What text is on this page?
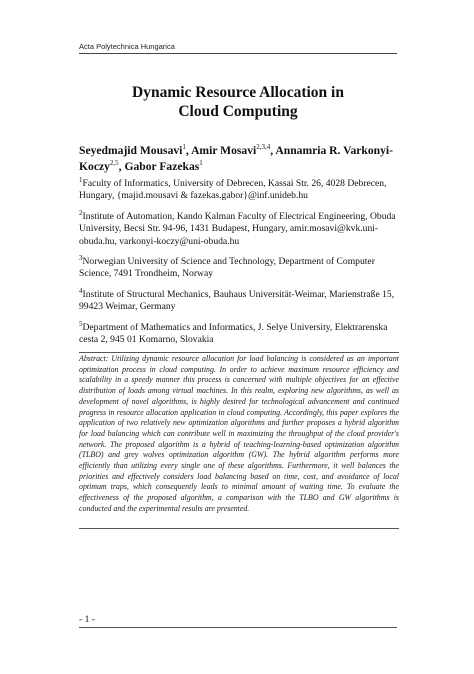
Acta Polytechnica Hungarica
Dynamic Resource Allocation in
Cloud Computing
Seyedmajid Mousavi$^1$, Amir Mosavi$^{2,3,4}$, Annamria R. Varkonyi-Koczy$^{2,5}$, Gabor Fazekas$^1$
$^1$Faculty of Informatics, University of Debrecen, Kassai Str. 26, 4028 Debrecen, Hungary, {majid.mousavi & fazekas.gabor}@inf.unideb.hu
$^2$Institute of Automation, Kando Kalman Faculty of Electrical Engineering, Obuda University, Becsi Str. 94-96, 1431 Budapest, Hungary, amir.mosavi@kvk.uni-obuda.hu, varkonyi-koczy@uni-obuda.hu
$^3$Norwegian University of Science and Technology, Department of Computer Science, 7491 Trondheim, Norway
$^4$Institute of Structural Mechanics, Bauhaus Universität-Weimar, Marienstraße 15, 99423 Weimar, Germany
$^5$Department of Mathematics and Informatics, J. Selye University, Elektrarenska cesta 2, 945 01 Komarno, Slovakia
Abstract: Utilizing dynamic resource allocation for load balancing is considered as an important optimization process in cloud computing. In order to achieve maximum resource efficiency and scalability in a speedy manner this process is concerned with multiple objectives for an effective distribution of loads among virtual machines. In this realm, exploring new algorithms, as well as development of novel algorithms, is highly desired for technological advancement and continued progress in resource allocation application in cloud computing. Accordingly, this paper explores the application of two relatively new optimization algorithms and further proposes a hybrid algorithm for load balancing which can contribute well in maximizing the throughput of the cloud provider's network. The proposed algorithm is a hybrid of teaching-learning-based optimization algorithm (TLBO) and grey wolves optimization algorithm (GW). The hybrid algorithm performs more efficiently than utilizing every single one of these algorithms. Furthermore, it well balances the priorities and effectively considers load balancing based on time, cost, and avoidance of local optimum traps, which consequently leads to minimal amount of waiting time. To evaluate the effectiveness of the proposed algorithm, a comparison with the TLBO and GW algorithms is conducted and the experimental results are presented.
- 1 -
